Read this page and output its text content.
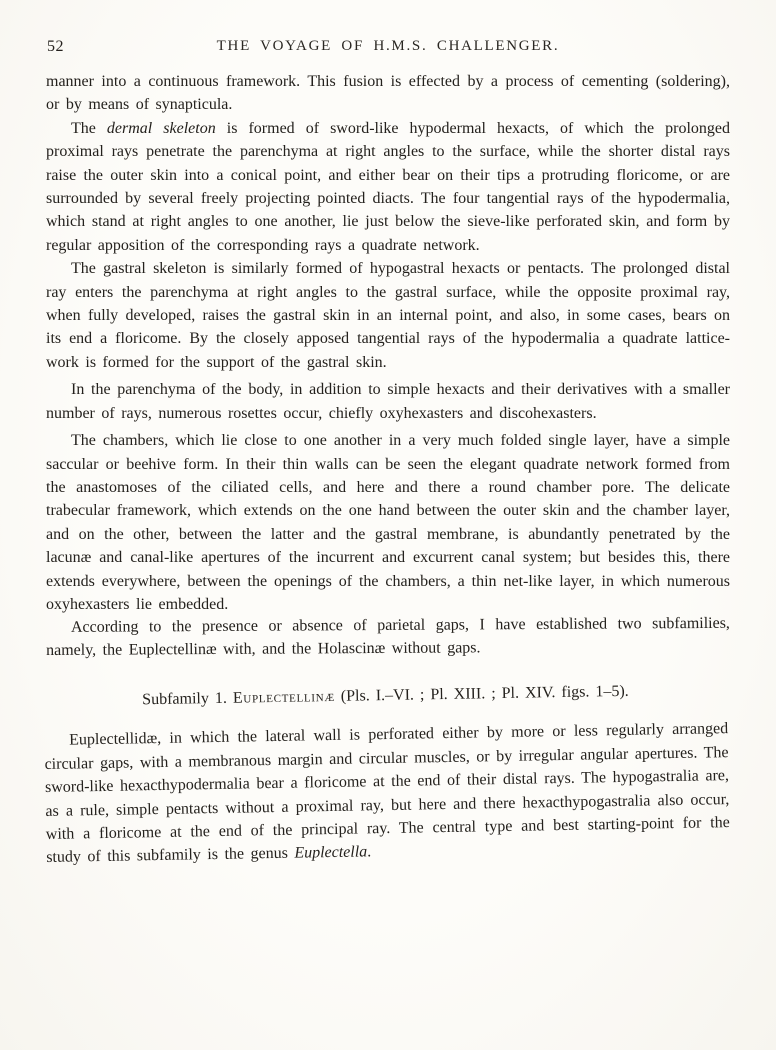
52	THE VOYAGE OF H.M.S. CHALLENGER.

manner into a continuous framework. This fusion is effected by a process of cementing (soldering), or by means of synapticula.

The dermal skeleton is formed of sword-like hypodermal hexacts, of which the prolonged proximal rays penetrate the parenchyma at right angles to the surface, while the shorter distal rays raise the outer skin into a conical point, and either bear on their tips a protruding floricome, or are surrounded by several freely projecting pointed diacts. The four tangential rays of the hypodermalia, which stand at right angles to one another, lie just below the sieve-like perforated skin, and form by regular apposition of the corresponding rays a quadrate network.

The gastral skeleton is similarly formed of hypogastral hexacts or pentacts. The prolonged distal ray enters the parenchyma at right angles to the gastral surface, while the opposite proximal ray, when fully developed, raises the gastral skin in an internal point, and also, in some cases, bears on its end a floricome. By the closely apposed tangential rays of the hypodermalia a quadrate lattice-work is formed for the support of the gastral skin.

In the parenchyma of the body, in addition to simple hexacts and their derivatives with a smaller number of rays, numerous rosettes occur, chiefly oxyhexasters and discohexasters.

The chambers, which lie close to one another in a very much folded single layer, have a simple saccular or beehive form. In their thin walls can be seen the elegant quadrate network formed from the anastomoses of the ciliated cells, and here and there a round chamber pore. The delicate trabecular framework, which extends on the one hand between the outer skin and the chamber layer, and on the other, between the latter and the gastral membrane, is abundantly penetrated by the lacunæ and canal-like apertures of the incurrent and excurrent canal system; but besides this, there extends everywhere, between the openings of the chambers, a thin net-like layer, in which numerous oxyhexasters lie embedded.

According to the presence or absence of parietal gaps, I have established two subfamilies, namely, the Euplectellinæ with, and the Holascinæ without gaps.

Subfamily 1. Euplectellinæ (Pls. I.–VI. ; Pl. XIII. ; Pl. XIV. figs. 1–5).

Euplectellidæ, in which the lateral wall is perforated either by more or less regularly arranged circular gaps, with a membranous margin and circular muscles, or by irregular angular apertures. The sword-like hexacthypodermalia bear a floricome at the end of their distal rays. The hypogastralia are, as a rule, simple pentacts without a proximal ray, but here and there hexacthypogastralia also occur, with a floricome at the end of the principal ray. The central type and best starting-point for the study of this subfamily is the genus Euplectella.
